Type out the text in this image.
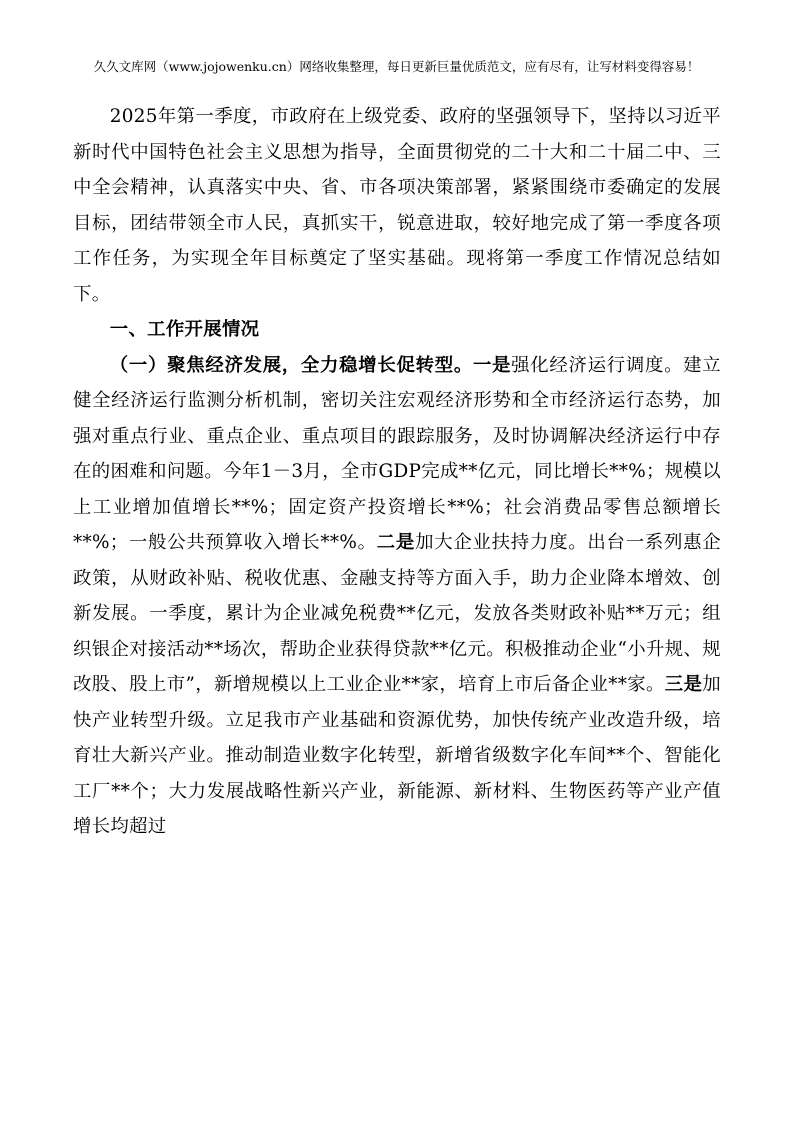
久久文库网（www.jojowenku.cn）网络收集整理，每日更新巨量优质范文，应有尽有，让写材料变得容易！

2025年第一季度，市政府在上级党委、政府的坚强领导下，坚持以习近平新时代中国特色社会主义思想为指导，全面贯彻党的二十大和二十届二中、三中全会精神，认真落实中央、省、市各项决策部署，紧紧围绕市委确定的发展目标，团结带领全市人民，真抓实干，锐意进取，较好地完成了第一季度各项工作任务，为实现全年目标奠定了坚实基础。现将第一季度工作情况总结如下。

一、工作开展情况

（一）聚焦经济发展，全力稳增长促转型。一是强化经济运行调度。建立健全经济运行监测分析机制，密切关注宏观经济形势和全市经济运行态势，加强对重点行业、重点企业、重点项目的跟踪服务，及时协调解决经济运行中存在的困难和问题。今年1－3月，全市GDP完成**亿元，同比增长**%；规模以上工业增加值增长**%；固定资产投资增长**%；社会消费品零售总额增长**%；一般公共预算收入增长**%。二是加大企业扶持力度。出台一系列惠企政策，从财政补贴、税收优惠、金融支持等方面入手，助力企业降本增效、创新发展。一季度，累计为企业减免税费**亿元，发放各类财政补贴**万元；组织银企对接活动**场次，帮助企业获得贷款**亿元。积极推动企业“小升规、规改股、股上市”，新增规模以上工业企业**家，培育上市后备企业**家。三是加快产业转型升级。立足我市产业基础和资源优势，加快传统产业改造升级，培育壮大新兴产业。推动制造业数字化转型，新增省级数字化车间**个、智能化工厂**个；大力发展战略性新兴产业，新能源、新材料、生物医药等产业产值增长均超过
